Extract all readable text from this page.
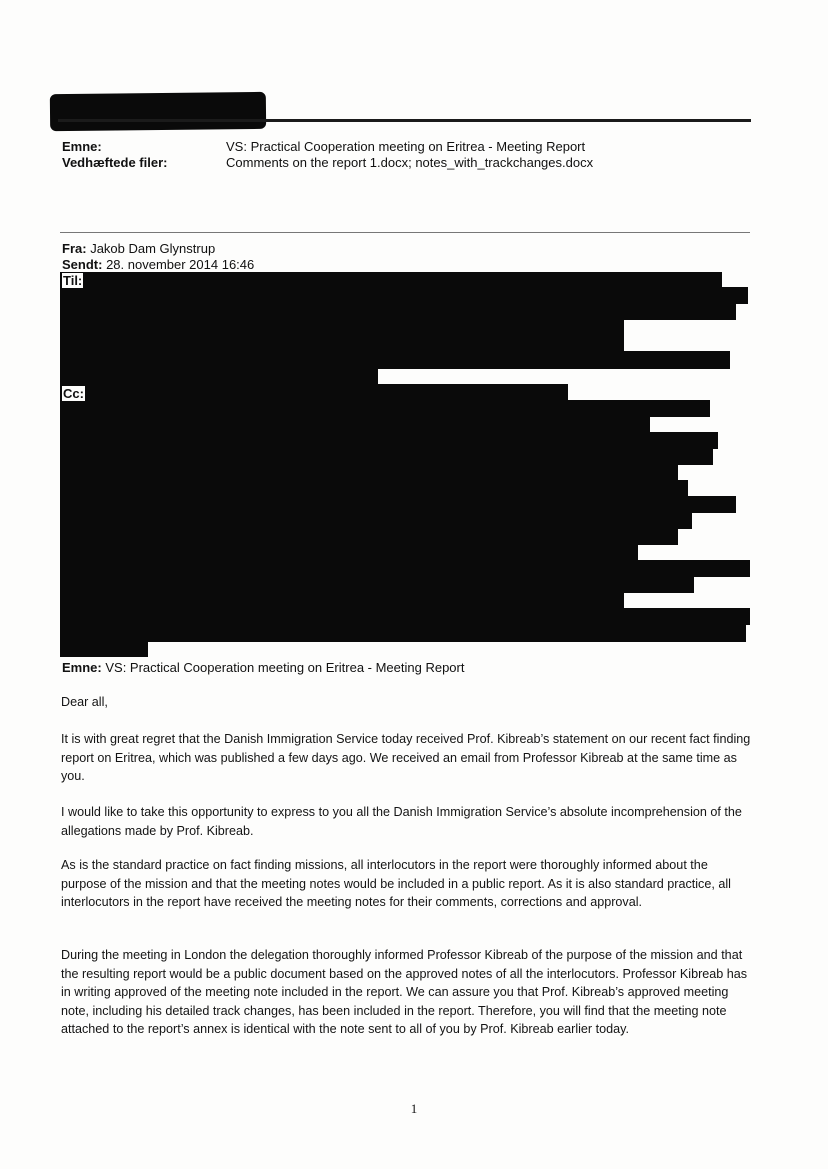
Emne:	VS: Practical Cooperation meeting on Eritrea - Meeting Report
Vedhæftede filer:	Comments on the report 1.docx; notes_with_trackchanges.docx
Fra: Jakob Dam Glynstrup
Sendt: 28. november 2014 16:46
Til:
Cc:
Emne: VS: Practical Cooperation meeting on Eritrea - Meeting Report

Dear all,

It is with great regret that the Danish Immigration Service today received Prof. Kibreab’s statement on our recent fact finding report on Eritrea, which was published a few days ago. We received an email from Professor Kibreab at the same time as you.

I would like to take this opportunity to express to you all the Danish Immigration Service’s absolute incomprehension of the allegations made by Prof. Kibreab.

As is the standard practice on fact finding missions, all interlocutors in the report were thoroughly informed about the purpose of the mission and that the meeting notes would be included in a public report. As it is also standard practice, all interlocutors in the report have received the meeting notes for their comments, corrections and approval.

During the meeting in London the delegation thoroughly informed Professor Kibreab of the purpose of the mission and that the resulting report would be a public document based on the approved notes of all the interlocutors. Professor Kibreab has in writing approved of the meeting note included in the report. We can assure you that Prof. Kibreab’s approved meeting note, including his detailed track changes, has been included in the report. Therefore, you will find that the meeting note attached to the report’s annex is identical with the note sent to all of you by Prof. Kibreab earlier today.

1
